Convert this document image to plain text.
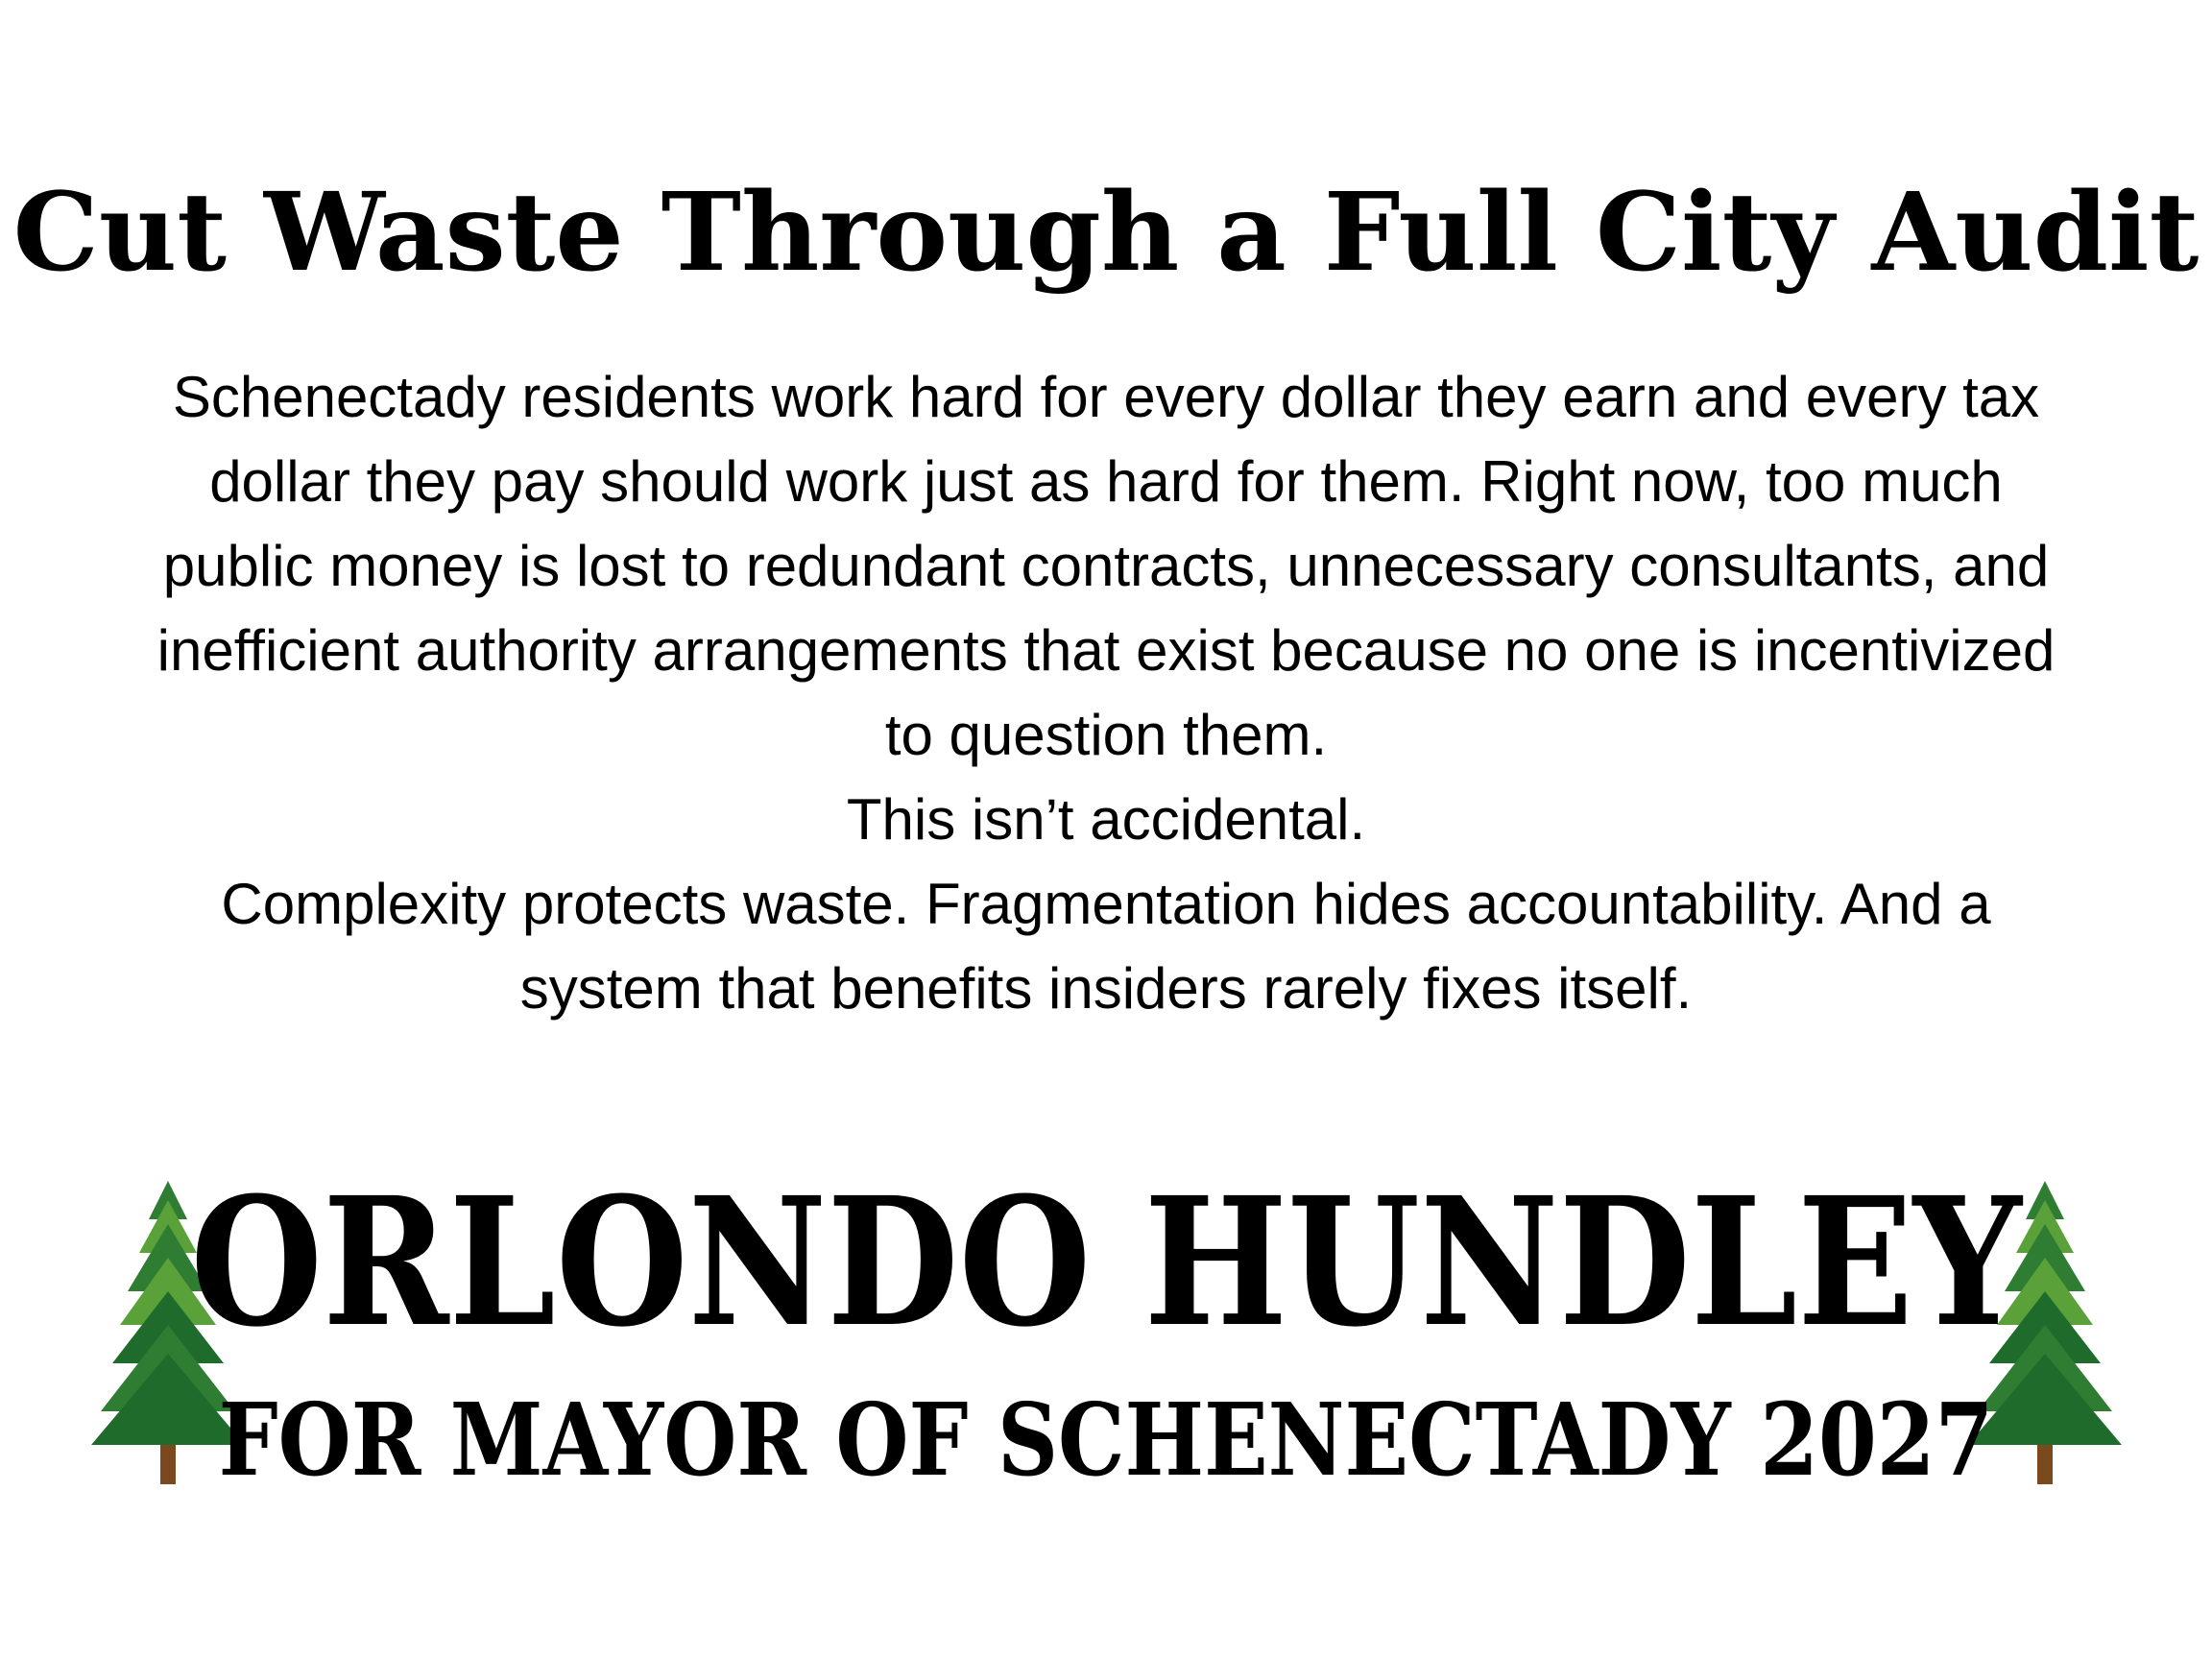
Cut Waste Through a Full City Audit

Schenectady residents work hard for every dollar they earn and every tax dollar they pay should work just as hard for them. Right now, too much public money is lost to redundant contracts, unnecessary consultants, and inefficient authority arrangements that exist because no one is incentivized to question them.

This isn’t accidental.

Complexity protects waste. Fragmentation hides accountability. And a system that benefits insiders rarely fixes itself.

ORLONDO HUNDLEY
FOR MAYOR OF SCHENECTADY 2027
